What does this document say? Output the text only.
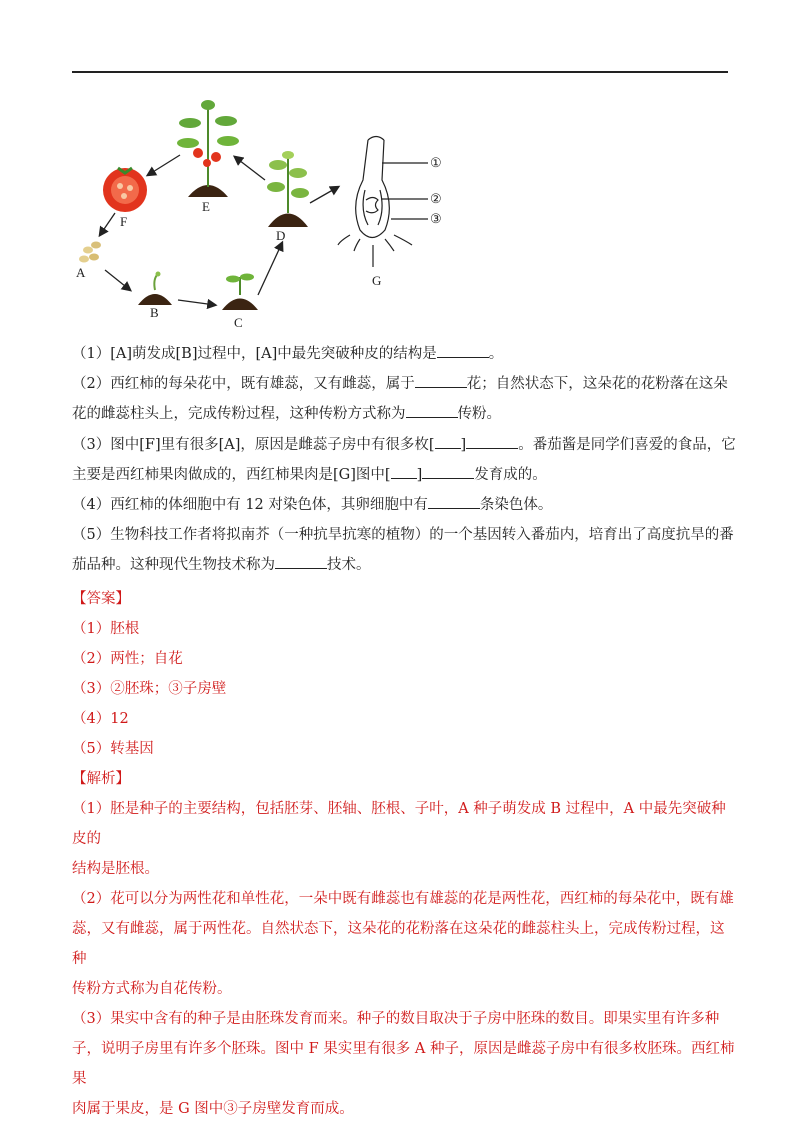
①
②
③
A
B
C
D
E
F
G

（1）[A]萌发成[B]过程中，[A]中最先突破种皮的结构是	。

（2）西红柿的每朵花中，既有雄蕊，又有雌蕊，属于	花；自然状态下，这朵花的花粉落在这朵

花的雌蕊柱头上，完成传粉过程，这种传粉方式称为	传粉。

（3）图中[F]里有很多[A]，原因是雌蕊子房中有很多枚[ ]	。番茄酱是同学们喜爱的食品，它

主要是西红柿果肉做成的，西红柿果肉是[G]图中[ ]	发育成的。

（4）西红柿的体细胞中有 12 对染色体，其卵细胞中有	条染色体。

（5）生物科技工作者将拟南芥（一种抗旱抗寒的植物）的一个基因转入番茄内，培育出了高度抗旱的番

茄品种。这种现代生物技术称为	技术。

【答案】

（1）胚根

（2）两性；自花

（3）②胚珠；③子房壁

（4）12

（5）转基因

【解析】

（1）胚是种子的主要结构，包括胚芽、胚轴、胚根、子叶，A 种子萌发成 B 过程中，A 中最先突破种皮的

结构是胚根。

（2）花可以分为两性花和单性花，一朵中既有雌蕊也有雄蕊的花是两性花，西红柿的每朵花中，既有雄

蕊，又有雌蕊，属于两性花。自然状态下，这朵花的花粉落在这朵花的雌蕊柱头上，完成传粉过程，这种

传粉方式称为自花传粉。

（3）果实中含有的种子是由胚珠发育而来。种子的数目取决于子房中胚珠的数目。即果实里有许多种

子，说明子房里有许多个胚珠。图中 F 果实里有很多 A 种子，原因是雌蕊子房中有很多枚胚珠。西红柿果

肉属于果皮，是 G 图中③子房壁发育而成。
